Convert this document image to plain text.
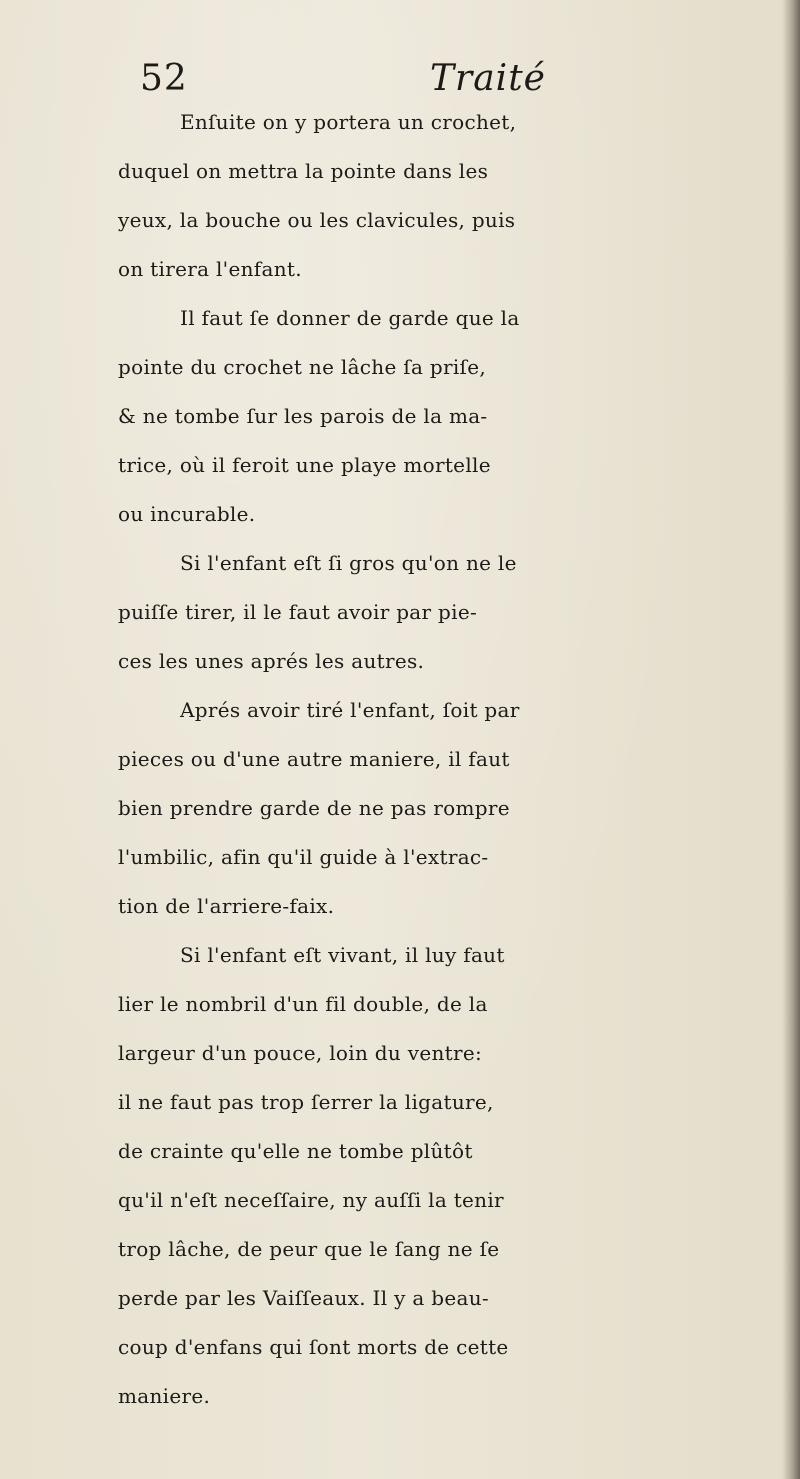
52	Traité
Enſuite on y portera un crochet,
duquel on mettra la pointe dans les
yeux, la bouche ou les clavicules, puis
on tirera l'enfant.
Il faut ſe donner de garde que la
pointe du crochet ne lâche ſa priſe,
& ne tombe ſur les parois de la ma-
trice, où il feroit une playe mortelle
ou incurable.
Si l'enfant eſt ſi gros qu'on ne le
puiſſe tirer, il le faut avoir par pie-
ces les unes aprés les autres.
Aprés avoir tiré l'enfant, ſoit par
pieces ou d'une autre maniere, il faut
bien prendre garde de ne pas rompre
l'umbilic, afin qu'il guide à l'extrac-
tion de l'arriere-faix.
Si l'enfant eſt vivant, il luy faut
lier le nombril d'un fil double, de la
largeur d'un pouce, loin du ventre:
il ne faut pas trop ſerrer la ligature,
de crainte qu'elle ne tombe plûtôt
qu'il n'eſt neceſſaire, ny auſſi la tenir
trop lâche, de peur que le ſang ne ſe
perde par les Vaiſſeaux. Il y a beau-
coup d'enfans qui ſont morts de cette
maniere.
